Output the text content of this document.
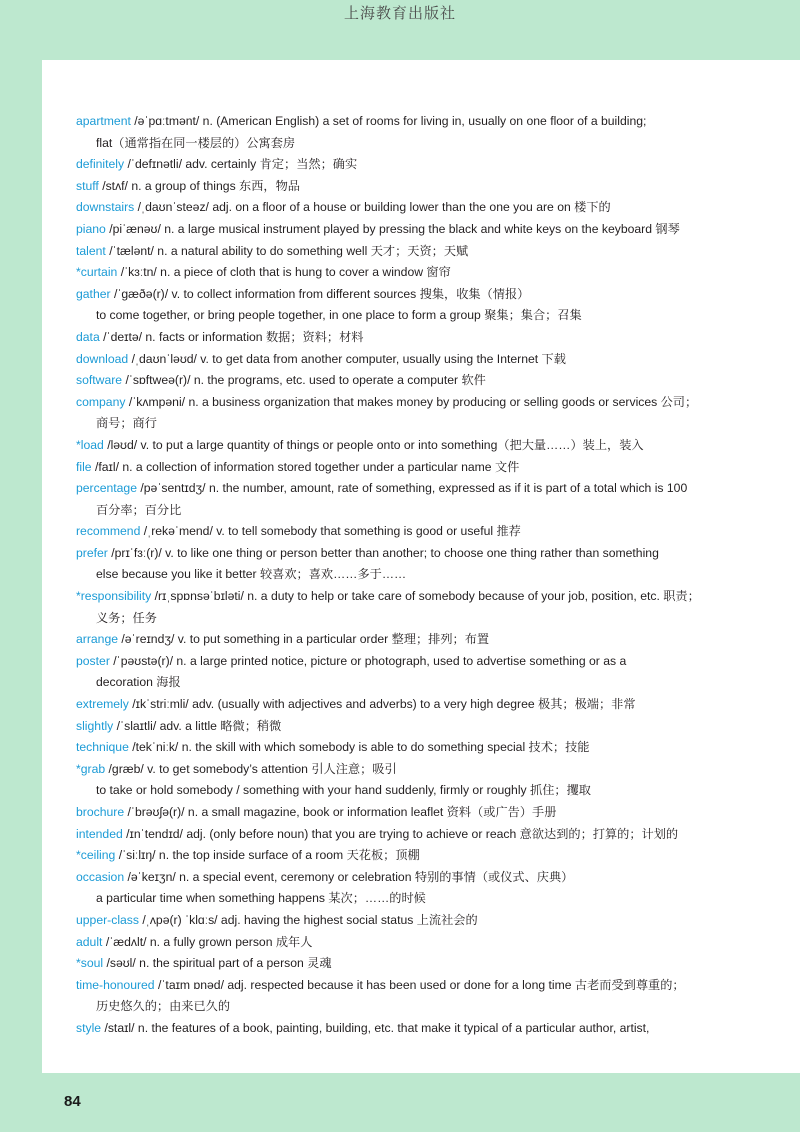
上海教育出版社
apartment /əˈpɑːtmənt/ n. (American English) a set of rooms for living in, usually on one floor of a building;
flat（通常指在同一楼层的）公寓套房
definitely /ˈdefɪnətli/ adv. certainly 肯定；当然；确实
stuff /stʌf/ n. a group of things 东西，物品
downstairs /ˌdaʊnˈsteəz/ adj. on a floor of a house or building lower than the one you are on 楼下的
piano /piˈænəʊ/ n. a large musical instrument played by pressing the black and white keys on the keyboard 钢琴
talent /ˈtælənt/ n. a natural ability to do something well 天才；天资；天赋
*curtain /ˈkɜːtn/ n. a piece of cloth that is hung to cover a window 窗帘
gather /ˈɡæðə(r)/ v. to collect information from different sources 搜集，收集（情报）
to come together, or bring people together, in one place to form a group 聚集；集合；召集
data /ˈdeɪtə/ n. facts or information 数据；资料；材料
download /ˌdaʊnˈləʊd/ v. to get data from another computer, usually using the Internet 下载
software /ˈsɒftweə(r)/ n. the programs, etc. used to operate a computer 软件
company /ˈkʌmpəni/ n. a business organization that makes money by producing or selling goods or services 公司；
商号；商行
*load /ləʊd/ v. to put a large quantity of things or people onto or into something（把大量……）装上，装入
file /faɪl/ n. a collection of information stored together under a particular name 文件
percentage /pəˈsentɪdʒ/ n. the number, amount, rate of something, expressed as if it is part of a total which is 100
百分率；百分比
recommend /ˌrekəˈmend/ v. to tell somebody that something is good or useful 推荐
prefer /prɪˈfɜː(r)/ v. to like one thing or person better than another; to choose one thing rather than something
else because you like it better 较喜欢；喜欢……多于……
*responsibility /rɪˌspɒnsəˈbɪləti/ n. a duty to help or take care of somebody because of your job, position, etc. 职责；
义务；任务
arrange /əˈreɪndʒ/ v. to put something in a particular order 整理；排列；布置
poster /ˈpəʊstə(r)/ n. a large printed notice, picture or photograph, used to advertise something or as a
decoration 海报
extremely /ɪkˈstriːmli/ adv. (usually with adjectives and adverbs) to a very high degree 极其；极端；非常
slightly /ˈslaɪtli/ adv. a little 略微；稍微
technique /tekˈniːk/ n. the skill with which somebody is able to do something special 技术；技能
*grab /ɡræb/ v. to get somebody’s attention 引人注意；吸引
to take or hold somebody / something with your hand suddenly, firmly or roughly 抓住；攫取
brochure /ˈbrəʊʃə(r)/ n. a small magazine, book or information leaflet 资料（或广告）手册
intended /ɪnˈtendɪd/ adj. (only before noun) that you are trying to achieve or reach 意欲达到的；打算的；计划的
*ceiling /ˈsiːlɪŋ/ n. the top inside surface of a room 天花板；顶棚
occasion /əˈkeɪʒn/ n. a special event, ceremony or celebration 特别的事情（或仪式、庆典）
a particular time when something happens 某次；……的时候
upper-class /ˌʌpə(r) ˈklɑːs/ adj. having the highest social status 上流社会的
adult /ˈædʌlt/ n. a fully grown person 成年人
*soul /səʊl/ n. the spiritual part of a person 灵魂
time-honoured /ˈtaɪm ɒnəd/ adj. respected because it has been used or done for a long time 古老而受到尊重的；
历史悠久的；由来已久的
style /staɪl/ n. the features of a book, painting, building, etc. that make it typical of a particular author, artist,
84
